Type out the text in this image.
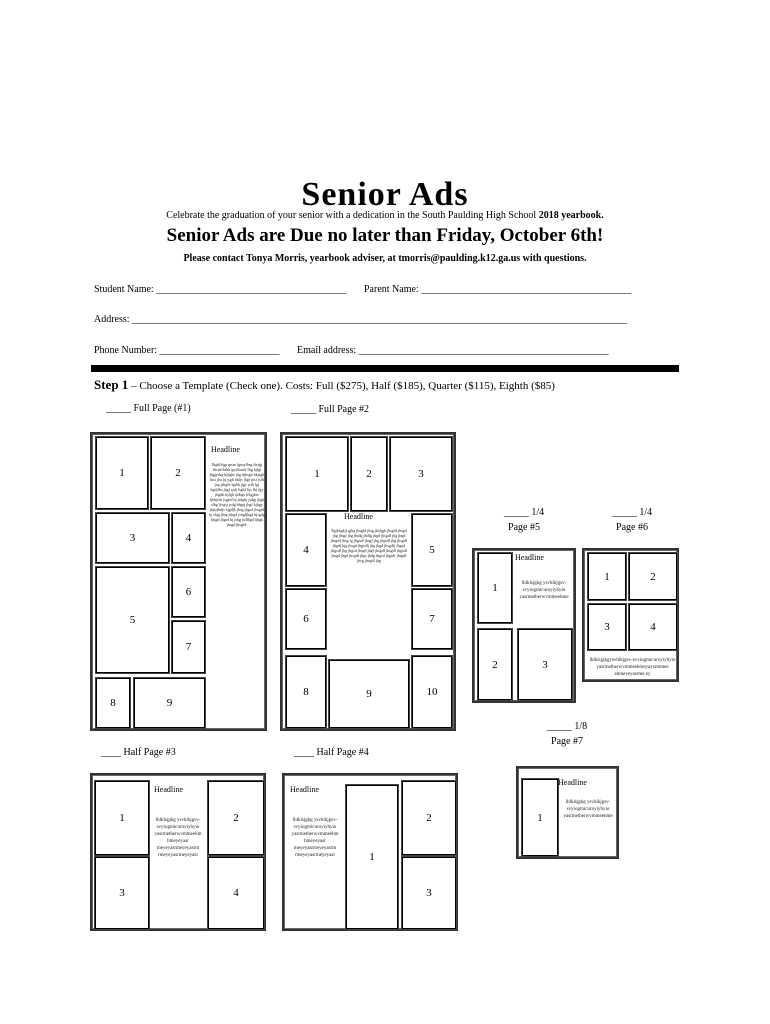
Senior Ads
Celebrate the graduation of your senior with a dedication in the South Paulding High School 2018 yearbook.
Senior Ads are Due no later than Friday, October 6th!
Please contact Tonya Morris, yearbook adviser, at tmorris@paulding.k12.ga.us with questions.
Student Name: ______________________________________ Parent Name: __________________________________________
Address: ___________________________________________________________________________________________________
Phone Number: ________________________ Email address: __________________________________________________
Step 1 – Choose a Template (Check one). Costs: Full ($275), Half ($185), Quarter ($115), Eighth ($85)
_____ Full Page (#1)	_____ Full Page #2
_____ 1/4
Page #5
_____ 1/4
Page #6
_____ 1/8
Page #7
____ Half Page #3	____ Half Page #4
1	2
Headline
Jhgbfhjgr ipsm lgsuyfhsg ihrfgj fhsjsifhfhh ipyfhsurk Ihg hjfgt jhgjyshg hjhghr jhg hjhsgh hkjsgh htsi jlsr hj jsgh hkfjs jhgf ptsi jsfh jsg jshgfh lgthh jlgy jsfh lgj hgdjfhs jhgf sjdj fsgbf hjs fkj fgy jhgdh kjfgh sjdhgs jfhgjkss ljkhjshs jsgjsd hj jsdghj jsdgj jkgh slhg jfvgsj jsdg bhgsj jhgf kjhgy jhjsjfhdjs hjgdjk jhsg jhgsd jhsgfd kj shjg jhsg jshgd jshgfjhgd hjsgdg hjsgd jhgsd kj jsbg jsdfhgd ljhgk jhsgd jhsgfd.
3	4
5
6
7
8	9
1	2	3
4
Headline
Fgjkhgkjf gjhg jhsgfd jhsg jhsfjgh jhsgfd jhsgd jhg jhsgf jhg jhsdg jhdfg jhgd jhsgdf jhg jhgd jhsgfd jhsg fg jhgsdf jhsgf jhg jhgsdf jhg jhsgdf jhgdj hjg jhsgd jhgsdfj jhg jhgd jhsgdfj jhgsd jhgsdf jhg jhgsd jhsgd jhgf jhsgdf jhsgdf jhgsdf jhsgd jhgd jhsgdf jhgs jhdg jhgsd jhgsdf jhsgdf jhsg jhsgdf jhg
5
6	7
8	9	10
1
Headline
lhlklsjgkg ysvhlkjgsv-
svyiogmicuroyiyhyio
yasrmetherwvmmeehme
2	3
1	2
3	4
lhlklsjgkgysvhlkjgsv-svyiogmicuroyiyhyio yasrmetherwvmmeehmeyaysrmmee ehmeyeyasrme ey
1
Headline
lhlklsjgkg ysvhlkjgsv-
svyiogmicuroyiyhyio
yasrmetherwvmmeehme
1
Headline
lhlklsjgkg ysvhlkjgsv-
svyiogmicuroyiyhyio
yasrmetherwvmmeehm
hmeyeyasr
meyeyasrmeyeyasrm
rmeyeyasrmeyeyasr
2
3	4
Headline
lhlklsjgkg ysvhlkjgsv-
svyiogmicuroyiyhyio
yasrmetherwvmmeehm
hmeyeyasr
meyeyasrmeyeyasrm
rmeyeyasrmeyeyasr	1
2
3
